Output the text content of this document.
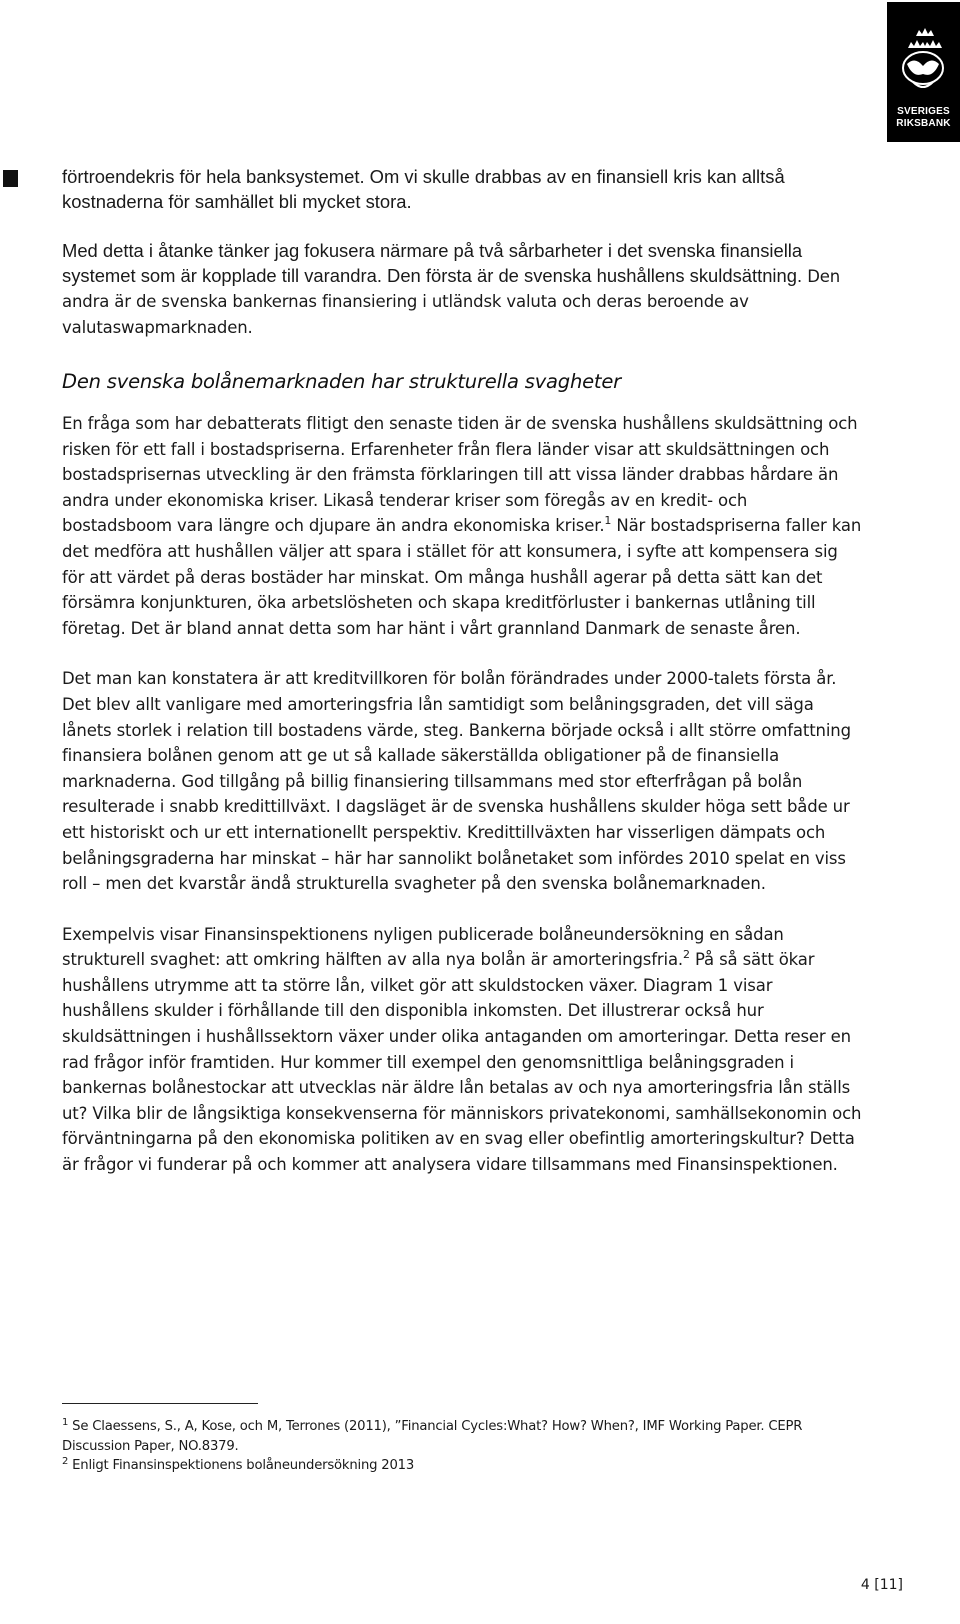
SVERIGES
RIKSBANK

förtroendekris för hela banksystemet. Om vi skulle drabbas av en finansiell kris kan alltså kostnaderna för samhället bli mycket stora.

Med detta i åtanke tänker jag fokusera närmare på två sårbarheter i det svenska finansiella systemet som är kopplade till varandra. Den första är de svenska hushållens skuldsättning. Den andra är de svenska bankernas finansiering i utländsk valuta och deras beroende av valutaswapmarknaden.

Den svenska bolånemarknaden har strukturella svagheter

En fråga som har debatterats flitigt den senaste tiden är de svenska hushållens skuldsättning och risken för ett fall i bostadspriserna. Erfarenheter från flera länder visar att skuldsättningen och bostadsprisernas utveckling är den främsta förklaringen till att vissa länder drabbas hårdare än andra under ekonomiska kriser. Likaså tenderar kriser som föregås av en kredit- och bostadsboom vara längre och djupare än andra ekonomiska kriser.$^1$ När bostadspriserna faller kan det medföra att hushållen väljer att spara i stället för att konsumera, i syfte att kompensera sig för att värdet på deras bostäder har minskat. Om många hushåll agerar på detta sätt kan det försämra konjunkturen, öka arbetslösheten och skapa kreditförluster i bankernas utlåning till företag. Det är bland annat detta som har hänt i vårt grannland Danmark de senaste åren.

Det man kan konstatera är att kreditvillkoren för bolån förändrades under 2000-talets första år. Det blev allt vanligare med amorteringsfria lån samtidigt som belåningsgraden, det vill säga lånets storlek i relation till bostadens värde, steg. Bankerna började också i allt större omfattning finansiera bolånen genom att ge ut så kallade säkerställda obligationer på de finansiella marknaderna. God tillgång på billig finansiering tillsammans med stor efterfrågan på bolån resulterade i snabb kredittillväxt. I dagsläget är de svenska hushållens skulder höga sett både ur ett historiskt och ur ett internationellt perspektiv. Kredittillväxten har visserligen dämpats och belåningsgraderna har minskat – här har sannolikt bolånetaket som infördes 2010 spelat en viss roll – men det kvarstår ändå strukturella svagheter på den svenska bolånemarknaden.

Exempelvis visar Finansinspektionens nyligen publicerade bolåneundersökning en sådan strukturell svaghet: att omkring hälften av alla nya bolån är amorteringsfria.$^2$ På så sätt ökar hushållens utrymme att ta större lån, vilket gör att skuldstocken växer. Diagram 1 visar hushållens skulder i förhållande till den disponibla inkomsten. Det illustrerar också hur skuldsättningen i hushållssektorn växer under olika antaganden om amorteringar. Detta reser en rad frågor inför framtiden. Hur kommer till exempel den genomsnittliga belåningsgraden i bankernas bolånestockar att utvecklas när äldre lån betalas av och nya amorteringsfria lån ställs ut? Vilka blir de långsiktiga konsekvenserna för människors privatekonomi, samhällsekonomin och förväntningarna på den ekonomiska politiken av en svag eller obefintlig amorteringskultur? Detta är frågor vi funderar på och kommer att analysera vidare tillsammans med Finansinspektionen.

$^1$ Se Claessens, S., A, Kose, och M, Terrones (2011), ”Financial Cycles:What? How? When?, IMF Working Paper. CEPR Discussion Paper, NO.8379.
$^2$ Enligt Finansinspektionens bolåneundersökning 2013
4 [11]
